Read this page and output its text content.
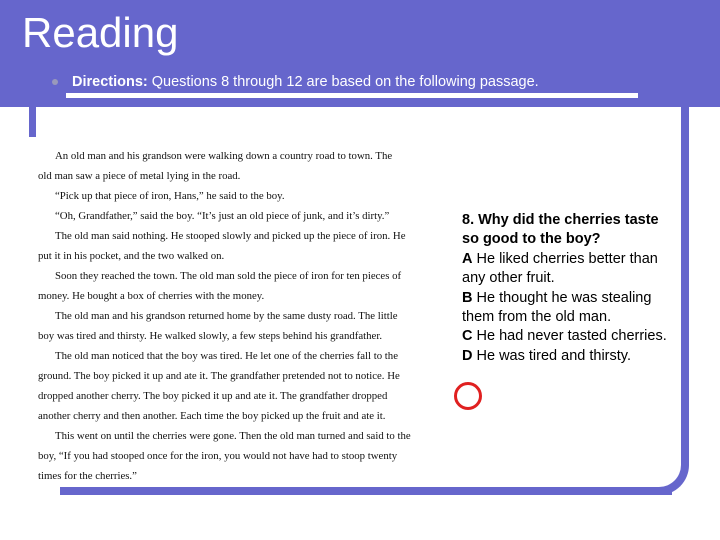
Reading
Directions: Questions 8 through 12 are based on the following passage.
An old man and his grandson were walking down a country road to town. The
old man saw a piece of metal lying in the road.
“Pick up that piece of iron, Hans,” he said to the boy.
“Oh, Grandfather,” said the boy. “It’s just an old piece of junk, and it’s dirty.”
The old man said nothing. He stooped slowly and picked up the piece of iron. He
put it in his pocket, and the two walked on.
Soon they reached the town. The old man sold the piece of iron for ten pieces of
money. He bought a box of cherries with the money.
The old man and his grandson returned home by the same dusty road. The little
boy was tired and thirsty. He walked slowly, a few steps behind his grandfather.
The old man noticed that the boy was tired. He let one of the cherries fall to the
ground. The boy picked it up and ate it. The grandfather pretended not to notice. He
dropped another cherry. The boy picked it up and ate it. The grandfather dropped
another cherry and then another. Each time the boy picked up the fruit and ate it.
This went on until the cherries were gone. Then the old man turned and said to the
boy, “If you had stooped once for the iron, you would not have had to stoop twenty
times for the cherries.”
8. Why did the cherries taste so good to the boy?
A He liked cherries better than any other fruit.
B He thought he was stealing them from the old man.
C He had never tasted cherries.
D He was tired and thirsty.
